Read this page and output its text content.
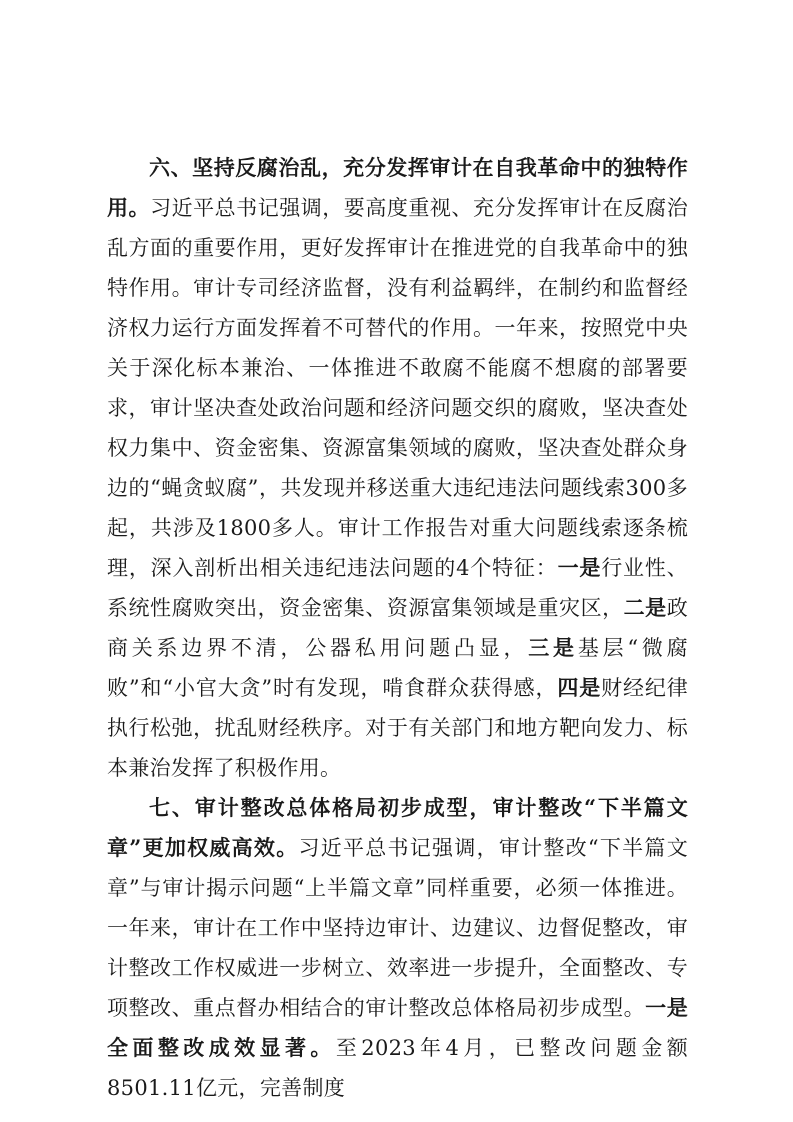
六、坚持反腐治乱，充分发挥审计在自我革命中的独特作用。习近平总书记强调，要高度重视、充分发挥审计在反腐治乱方面的重要作用，更好发挥审计在推进党的自我革命中的独特作用。审计专司经济监督，没有利益羁绊，在制约和监督经济权力运行方面发挥着不可替代的作用。一年来，按照党中央关于深化标本兼治、一体推进不敢腐不能腐不想腐的部署要求，审计坚决查处政治问题和经济问题交织的腐败，坚决查处权力集中、资金密集、资源富集领域的腐败，坚决查处群众身边的“蝇贪蚁腐”，共发现并移送重大违纪违法问题线索300多起，共涉及1800多人。审计工作报告对重大问题线索逐条梳理，深入剖析出相关违纪违法问题的4个特征：一是行业性、系统性腐败突出，资金密集、资源富集领域是重灾区，二是政商关系边界不清，公器私用问题凸显，三是基层“微腐败”和“小官大贪”时有发现，啃食群众获得感，四是财经纪律执行松弛，扰乱财经秩序。对于有关部门和地方靶向发力、标本兼治发挥了积极作用。

七、审计整改总体格局初步成型，审计整改“下半篇文章”更加权威高效。习近平总书记强调，审计整改“下半篇文章”与审计揭示问题“上半篇文章”同样重要，必须一体推进。一年来，审计在工作中坚持边审计、边建议、边督促整改，审计整改工作权威进一步树立、效率进一步提升，全面整改、专项整改、重点督办相结合的审计整改总体格局初步成型。一是全面整改成效显著。至2023年4月，已整改问题金额8501.11亿元，完善制度
